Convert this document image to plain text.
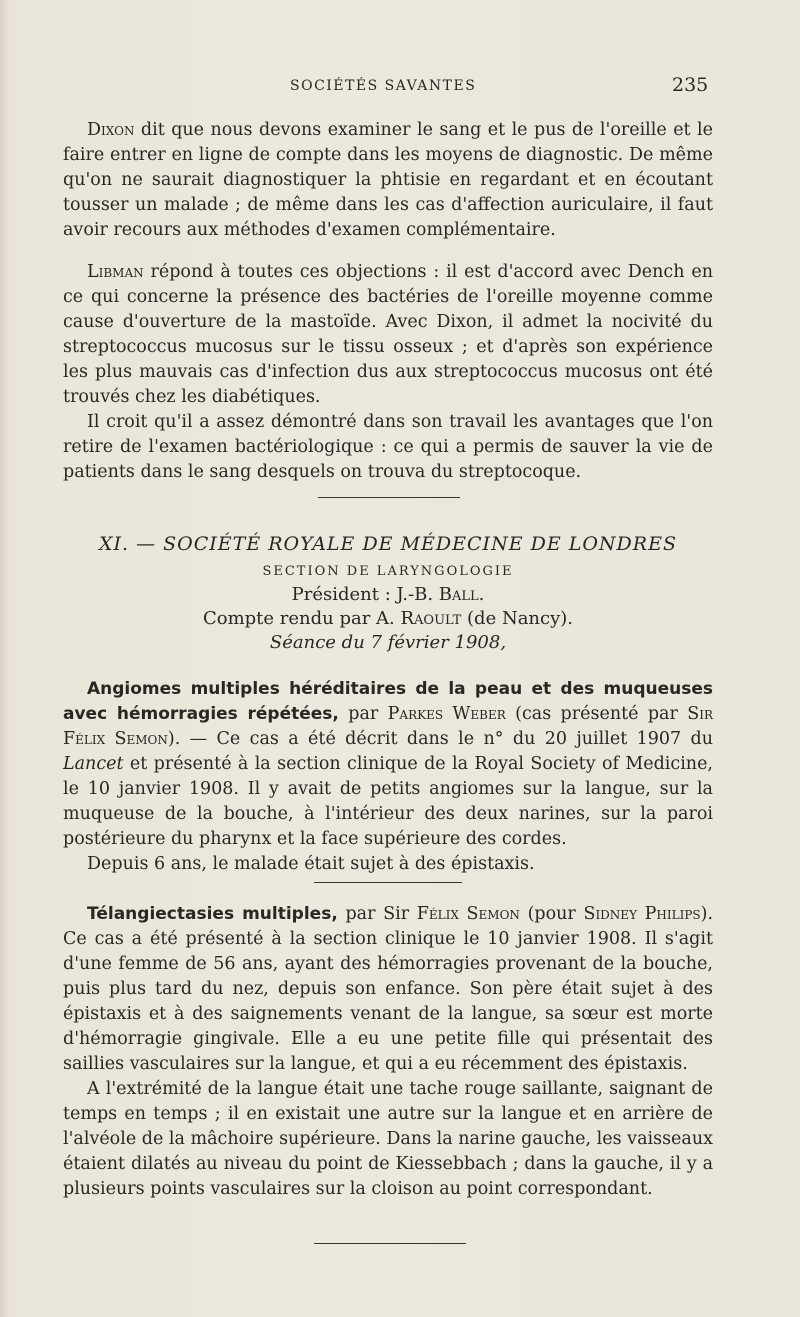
SOCIÉTÉS SAVANTES	235

Dixon dit que nous devons examiner le sang et le pus de l'oreille et le faire entrer en ligne de compte dans les moyens de diagnostic. De même qu'on ne saurait diagnostiquer la phtisie en regardant et en écoutant tousser un malade ; de même dans les cas d'affection auriculaire, il faut avoir recours aux méthodes d'examen complémentaire.

Libman répond à toutes ces objections : il est d'accord avec Dench en ce qui concerne la présence des bactéries de l'oreille moyenne comme cause d'ouverture de la mastoïde. Avec Dixon, il admet la nocivité du streptococcus mucosus sur le tissu osseux ; et d'après son expérience les plus mauvais cas d'infection dus aux streptococcus mucosus ont été trouvés chez les diabétiques.

Il croit qu'il a assez démontré dans son travail les avantages que l'on retire de l'examen bactériologique : ce qui a permis de sauver la vie de patients dans le sang desquels on trouva du streptocoque.

XI. — SOCIÉTÉ ROYALE DE MÉDECINE DE LONDRES
SECTION DE LARYNGOLOGIE
Président : J.-B. Ball.
Compte rendu par A. Raoult (de Nancy).
Séance du 7 février 1908,

Angiomes multiples héréditaires de la peau et des muqueuses avec hémorragies répétées, par Parkes Weber (cas présenté par Sir Félix Semon). — Ce cas a été décrit dans le n° du 20 juillet 1907 du Lancet et présenté à la section clinique de la Royal Society of Medicine, le 10 janvier 1908. Il y avait de petits angiomes sur la langue, sur la muqueuse de la bouche, à l'intérieur des deux narines, sur la paroi postérieure du pharynx et la face supérieure des cordes.

Depuis 6 ans, le malade était sujet à des épistaxis.

Télangiectasies multiples, par Sir Félix Semon (pour Sidney Philips). Ce cas a été présenté à la section clinique le 10 janvier 1908. Il s'agit d'une femme de 56 ans, ayant des hémorragies provenant de la bouche, puis plus tard du nez, depuis son enfance. Son père était sujet à des épistaxis et à des saignements venant de la langue, sa sœur est morte d'hémorragie gingivale. Elle a eu une petite fille qui présentait des saillies vasculaires sur la langue, et qui a eu récemment des épistaxis.

A l'extrémité de la langue était une tache rouge saillante, saignant de temps en temps ; il en existait une autre sur la langue et en arrière de l'alvéole de la mâchoire supérieure. Dans la narine gauche, les vaisseaux étaient dilatés au niveau du point de Kiessebbach ; dans la gauche, il y a plusieurs points vasculaires sur la cloison au point correspondant.
